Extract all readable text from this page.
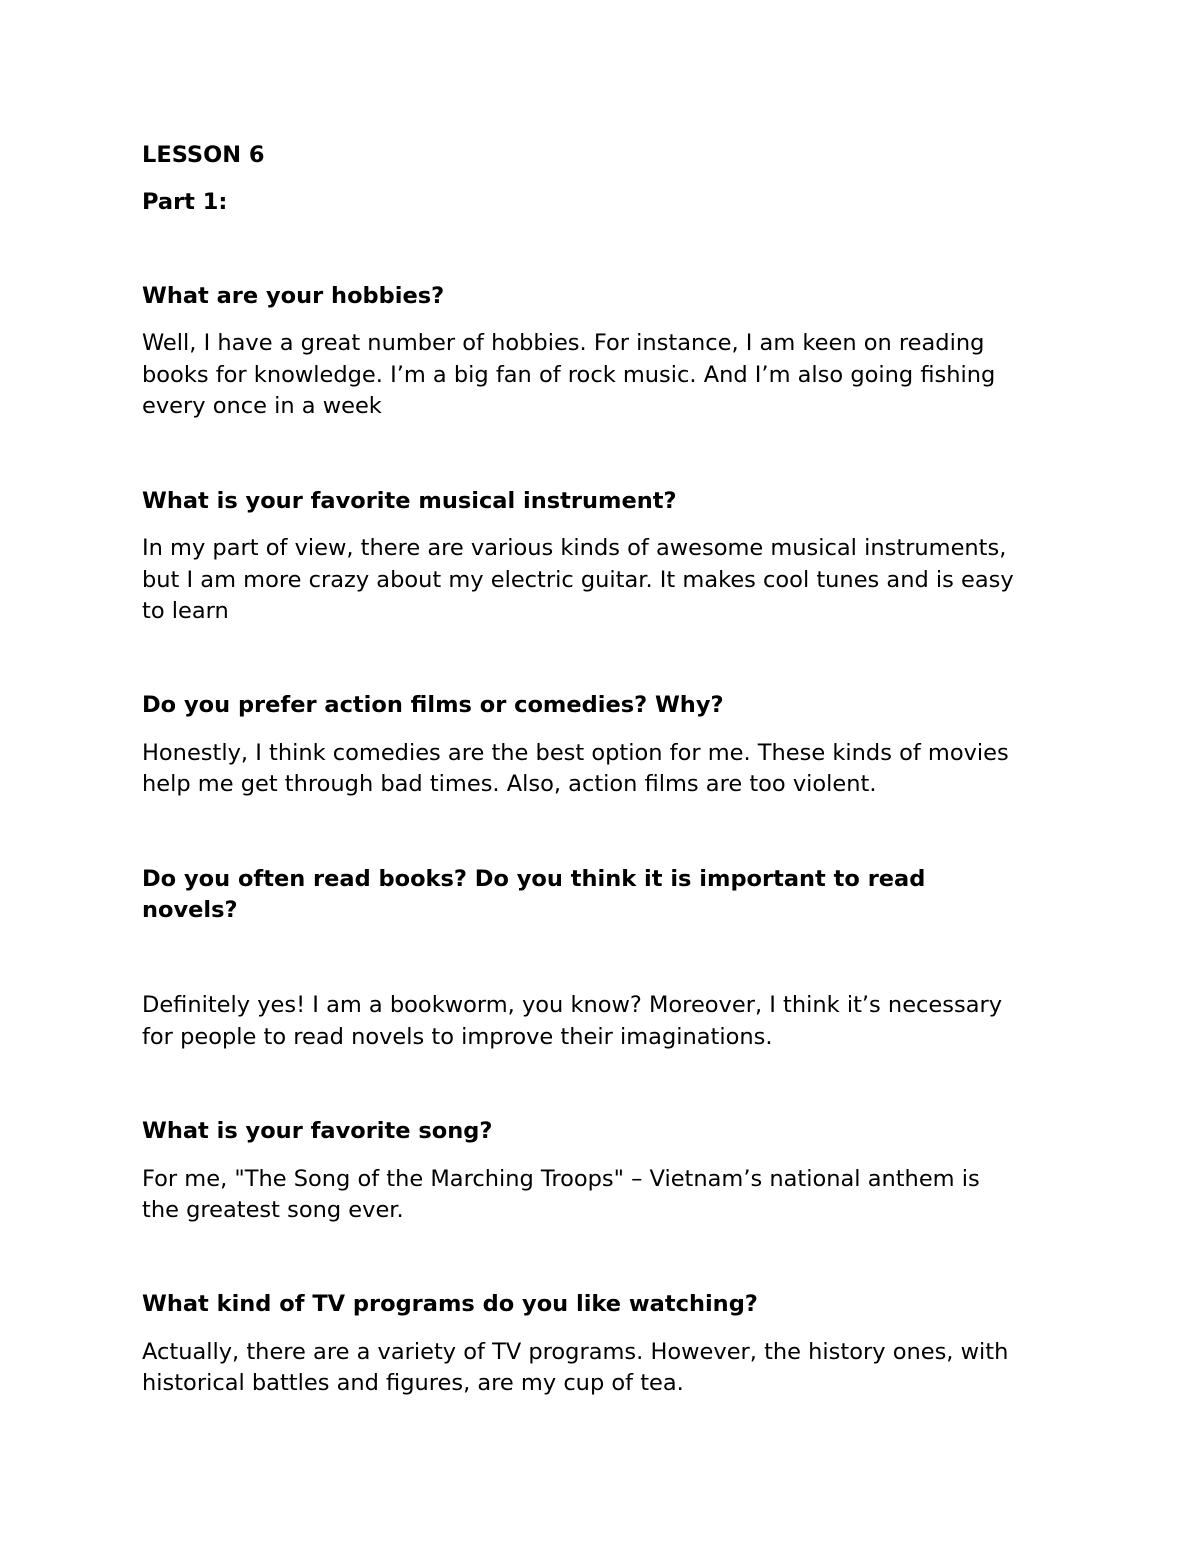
LESSON 6

Part 1:

What are your hobbies?

Well, I have a great number of hobbies. For instance, I am keen on reading

books for knowledge. I’m a big fan of rock music. And I’m also going fishing

every once in a week

What is your favorite musical instrument?

In my part of view, there are various kinds of awesome musical instruments,

but I am more crazy about my electric guitar. It makes cool tunes and is easy

to learn

Do you prefer action films or comedies? Why?

Honestly, I think comedies are the best option for me. These kinds of movies

help me get through bad times. Also, action films are too violent.

Do you often read books? Do you think it is important to read

novels?

Definitely yes! I am a bookworm, you know? Moreover, I think it’s necessary

for people to read novels to improve their imaginations.

What is your favorite song?

For me, "The Song of the Marching Troops" – Vietnam’s national anthem is

the greatest song ever.

What kind of TV programs do you like watching?

Actually, there are a variety of TV programs. However, the history ones, with

historical battles and figures, are my cup of tea.
